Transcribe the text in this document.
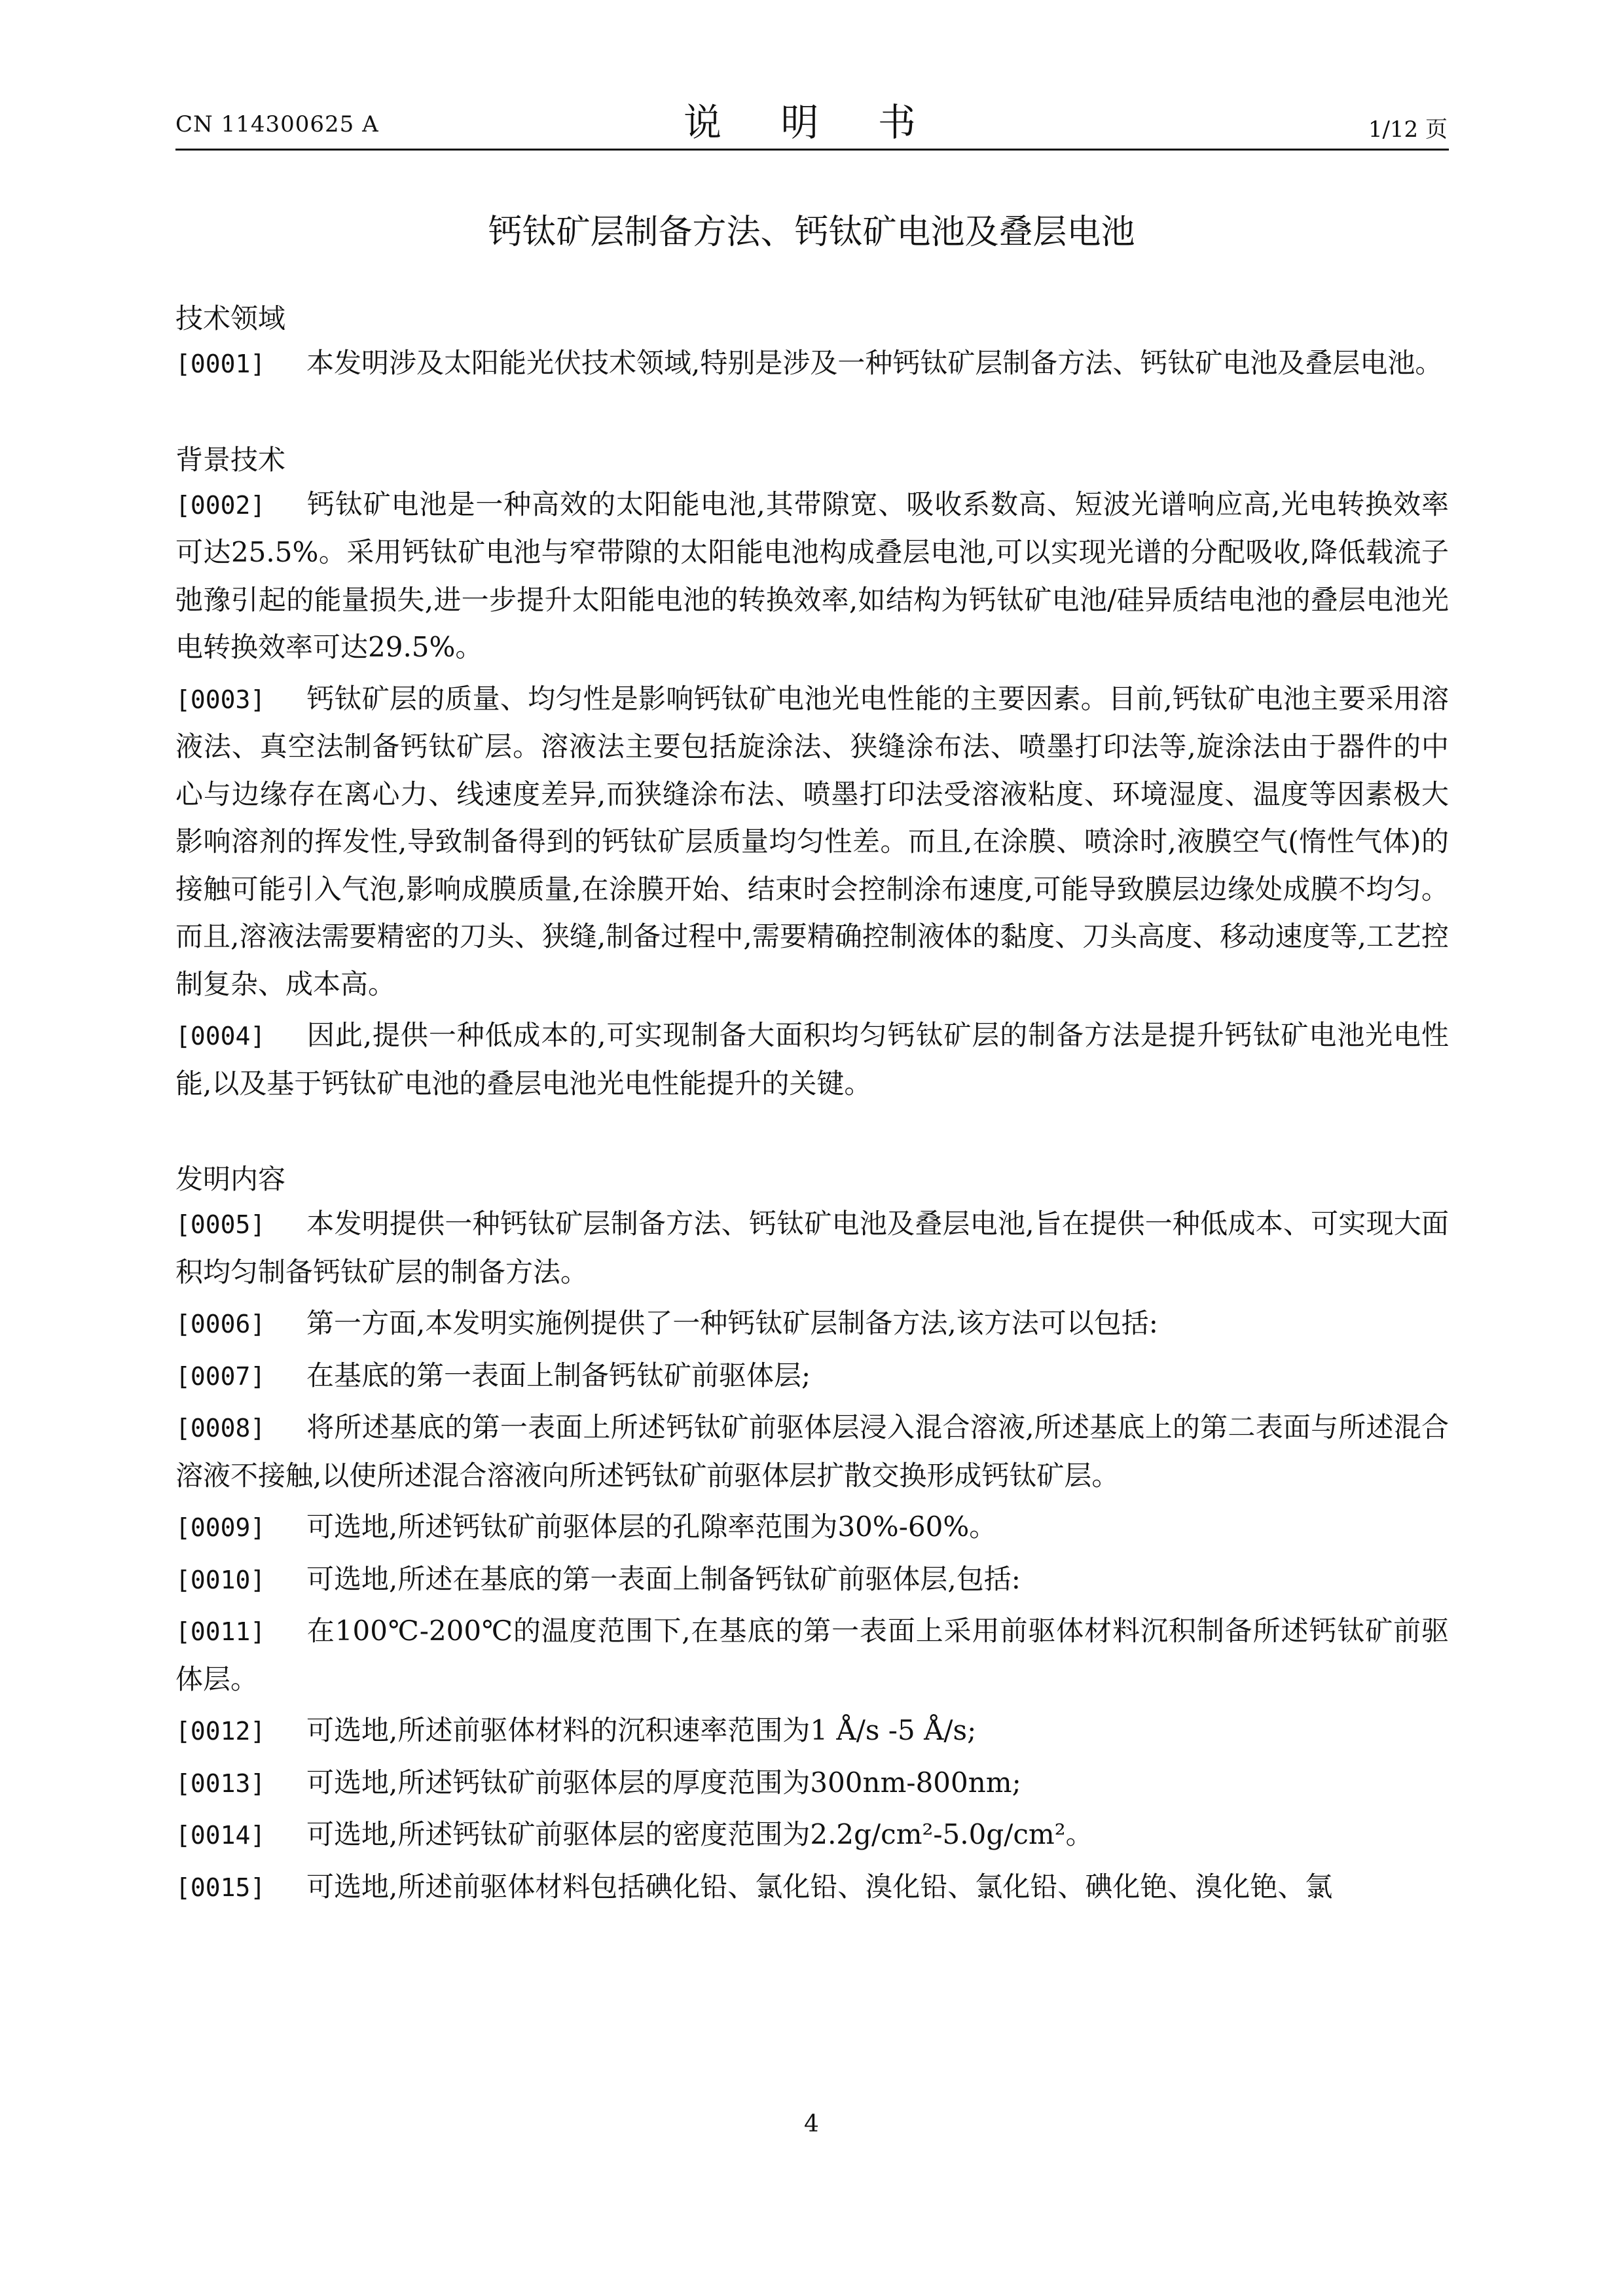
CN 114300625 A	说 明 书	1/12 页
钙钛矿层制备方法、钙钛矿电池及叠层电池
技术领域

[0001] 本发明涉及太阳能光伏技术领域,特别是涉及一种钙钛矿层制备方法、钙钛矿电池及叠层电池。

背景技术

[0002] 钙钛矿电池是一种高效的太阳能电池,其带隙宽、吸收系数高、短波光谱响应高,光电转换效率可达25.5%。采用钙钛矿电池与窄带隙的太阳能电池构成叠层电池,可以实现光谱的分配吸收,降低载流子弛豫引起的能量损失,进一步提升太阳能电池的转换效率,如结构为钙钛矿电池/硅异质结电池的叠层电池光电转换效率可达29.5%。

[0003] 钙钛矿层的质量、均匀性是影响钙钛矿电池光电性能的主要因素。目前,钙钛矿电池主要采用溶液法、真空法制备钙钛矿层。溶液法主要包括旋涂法、狭缝涂布法、喷墨打印法等,旋涂法由于器件的中心与边缘存在离心力、线速度差异,而狭缝涂布法、喷墨打印法受溶液粘度、环境湿度、温度等因素极大影响溶剂的挥发性,导致制备得到的钙钛矿层质量均匀性差。而且,在涂膜、喷涂时,液膜空气(惰性气体)的接触可能引入气泡,影响成膜质量,在涂膜开始、结束时会控制涂布速度,可能导致膜层边缘处成膜不均匀。而且,溶液法需要精密的刀头、狭缝,制备过程中,需要精确控制液体的黏度、刀头高度、移动速度等,工艺控制复杂、成本高。

[0004] 因此,提供一种低成本的,可实现制备大面积均匀钙钛矿层的制备方法是提升钙钛矿电池光电性能,以及基于钙钛矿电池的叠层电池光电性能提升的关键。

发明内容

[0005] 本发明提供一种钙钛矿层制备方法、钙钛矿电池及叠层电池,旨在提供一种低成本、可实现大面积均匀制备钙钛矿层的制备方法。

[0006] 第一方面,本发明实施例提供了一种钙钛矿层制备方法,该方法可以包括:

[0007] 在基底的第一表面上制备钙钛矿前驱体层;

[0008] 将所述基底的第一表面上所述钙钛矿前驱体层浸入混合溶液,所述基底上的第二表面与所述混合溶液不接触,以使所述混合溶液向所述钙钛矿前驱体层扩散交换形成钙钛矿层。

[0009] 可选地,所述钙钛矿前驱体层的孔隙率范围为30%-60%。

[0010] 可选地,所述在基底的第一表面上制备钙钛矿前驱体层,包括:

[0011] 在100℃-200℃的温度范围下,在基底的第一表面上采用前驱体材料沉积制备所述钙钛矿前驱体层。

[0012] 可选地,所述前驱体材料的沉积速率范围为1 Å/s -5 Å/s;

[0013] 可选地,所述钙钛矿前驱体层的厚度范围为300nm-800nm;

[0014] 可选地,所述钙钛矿前驱体层的密度范围为2.2g/cm²-5.0g/cm²。

[0015] 可选地,所述前驱体材料包括碘化铅、氯化铅、溴化铅、氯化铅、碘化铯、溴化铯、氯

4
